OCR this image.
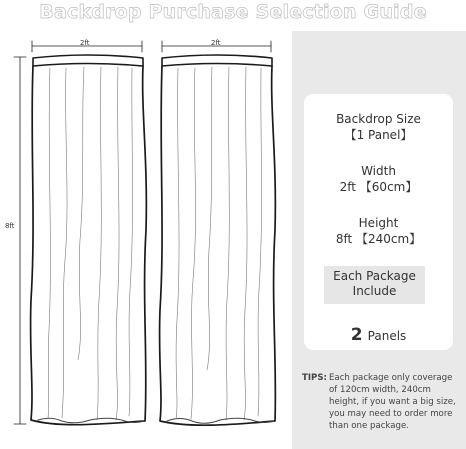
Backdrop Purchase Selection Guide
2ft	2ft
8ft
Backdrop Size
【1 Panel】
Width
2ft 【60cm】
Height
8ft 【240cm】
Each Package
Include
2 Panels
TIPS: Each package only coverage of 120cm width, 240cm height, if you want a big size, you may need to order more than one package.
